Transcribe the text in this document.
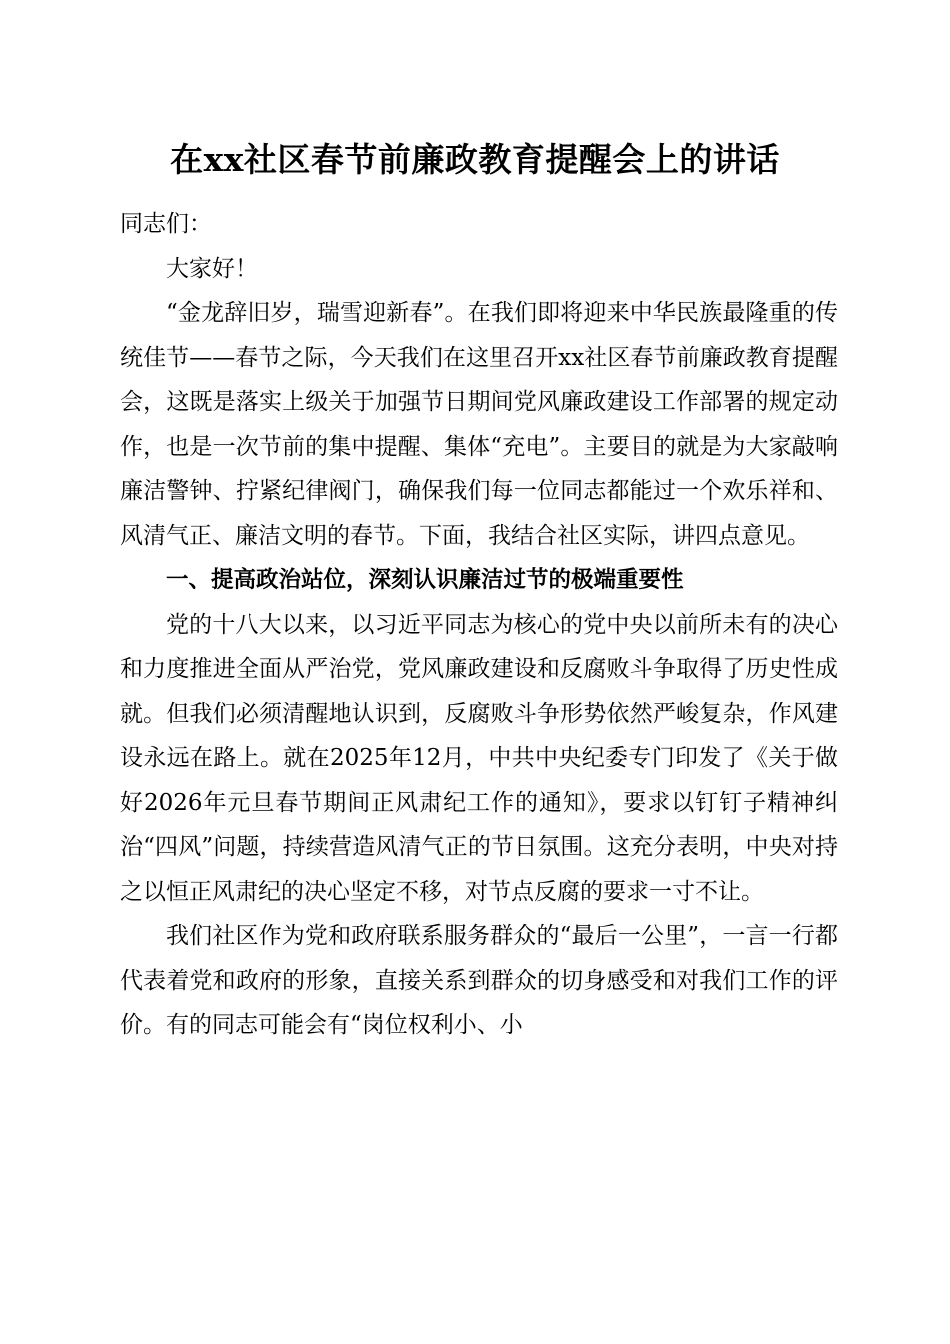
在xx社区春节前廉政教育提醒会上的讲话

同志们：

大家好！

“金龙辞旧岁，瑞雪迎新春”。在我们即将迎来中华民族最隆重的传统佳节——春节之际，今天我们在这里召开xx社区春节前廉政教育提醒会，这既是落实上级关于加强节日期间党风廉政建设工作部署的规定动作，也是一次节前的集中提醒、集体“充电”。主要目的就是为大家敲响廉洁警钟、拧紧纪律阀门，确保我们每一位同志都能过一个欢乐祥和、风清气正、廉洁文明的春节。下面，我结合社区实际，讲四点意见。

一、提高政治站位，深刻认识廉洁过节的极端重要性

党的十八大以来，以习近平同志为核心的党中央以前所未有的决心和力度推进全面从严治党，党风廉政建设和反腐败斗争取得了历史性成就。但我们必须清醒地认识到，反腐败斗争形势依然严峻复杂，作风建设永远在路上。就在2025年12月，中共中央纪委专门印发了《关于做好2026年元旦春节期间正风肃纪工作的通知》，要求以钉钉子精神纠治“四风”问题，持续营造风清气正的节日氛围。这充分表明，中央对持之以恒正风肃纪的决心坚定不移，对节点反腐的要求一寸不让。

我们社区作为党和政府联系服务群众的“最后一公里”，一言一行都代表着党和政府的形象，直接关系到群众的切身感受和对我们工作的评价。有的同志可能会有“岗位权利小、小
